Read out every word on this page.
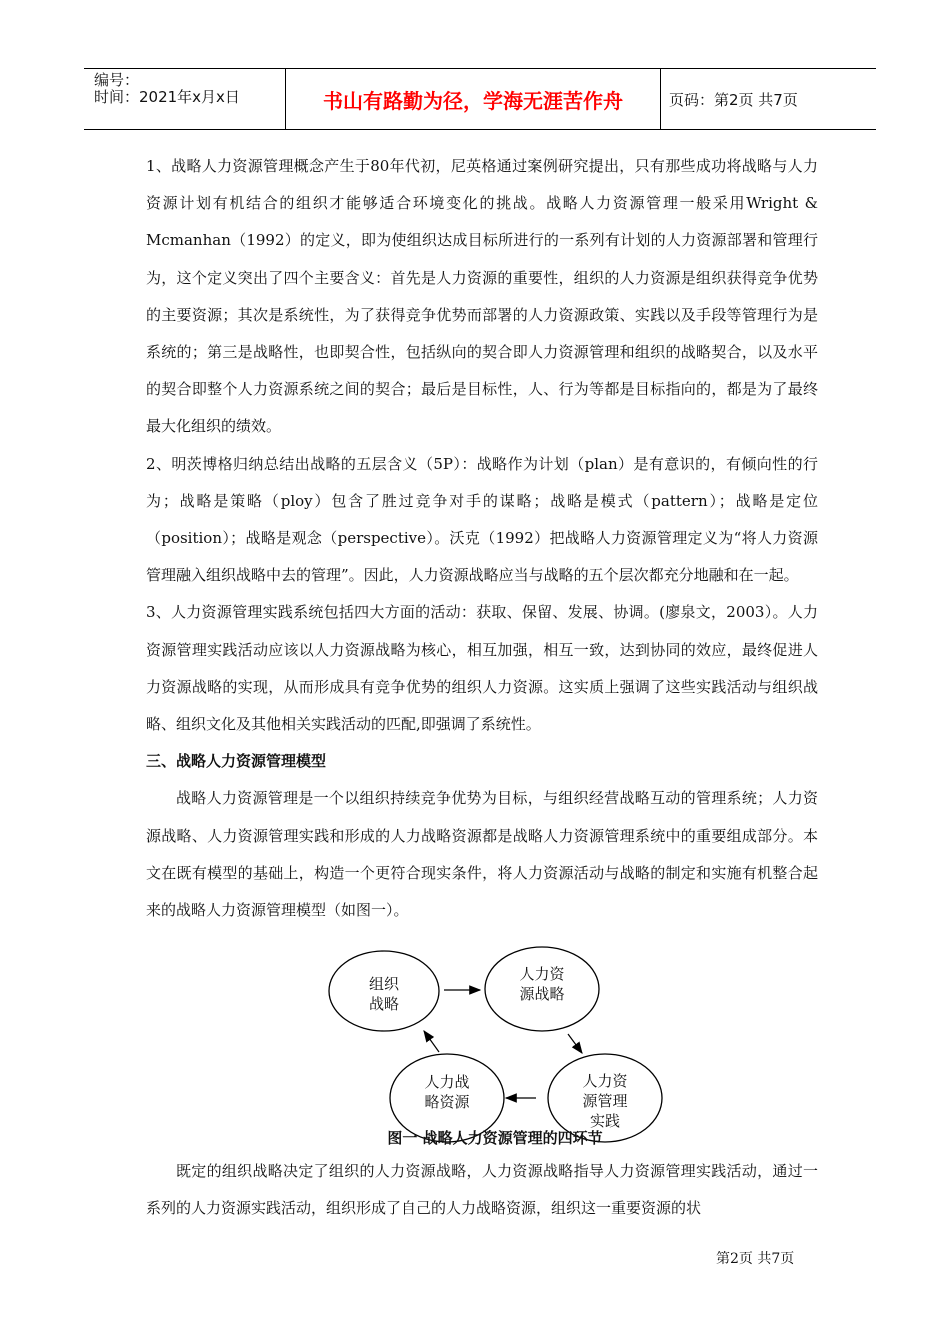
编号：
时间：2021年x月x日	书山有路勤为径，学海无涯苦作舟	页码：第2页 共7页

1、战略人力资源管理概念产生于80年代初，尼英格通过案例研究提出，只有那些成功将战略与人力资源计划有机结合的组织才能够适合环境变化的挑战。战略人力资源管理一般采用Wright & Mcmanhan（1992）的定义，即为使组织达成目标所进行的一系列有计划的人力资源部署和管理行为，这个定义突出了四个主要含义：首先是人力资源的重要性，组织的人力资源是组织获得竞争优势的主要资源；其次是系统性，为了获得竞争优势而部署的人力资源政策、实践以及手段等管理行为是系统的；第三是战略性，也即契合性，包括纵向的契合即人力资源管理和组织的战略契合，以及水平的契合即整个人力资源系统之间的契合；最后是目标性，人、行为等都是目标指向的，都是为了最终最大化组织的绩效。

2、明茨博格归纳总结出战略的五层含义（5P）：战略作为计划（plan）是有意识的，有倾向性的行为；战略是策略（ploy）包含了胜过竞争对手的谋略；战略是模式（pattern）；战略是定位（position）；战略是观念（perspective）。沃克（1992）把战略人力资源管理定义为“将人力资源管理融入组织战略中去的管理”。因此，人力资源战略应当与战略的五个层次都充分地融和在一起。

3、人力资源管理实践系统包括四大方面的活动：获取、保留、发展、协调。(廖泉文，2003）。人力资源管理实践活动应该以人力资源战略为核心，相互加强，相互一致，达到协同的效应，最终促进人力资源战略的实现，从而形成具有竞争优势的组织人力资源。这实质上强调了这些实践活动与组织战略、组织文化及其他相关实践活动的匹配,即强调了系统性。

三、战略人力资源管理模型

战略人力资源管理是一个以组织持续竞争优势为目标，与组织经营战略互动的管理系统；人力资源战略、人力资源管理实践和形成的人力战略资源都是战略人力资源管理系统中的重要组成部分。本文在既有模型的基础上，构造一个更符合现实条件，将人力资源活动与战略的制定和实施有机整合起来的战略人力资源管理模型（如图一）。

组织
战略
人力资
源战略
人力资
源管理
实践
人力战
略资源
图一 战略人力资源管理的四环节

既定的组织战略决定了组织的人力资源战略，人力资源战略指导人力资源管理实践活动，通过一系列的人力资源实践活动，组织形成了自己的人力战略资源，组织这一重要资源的状

第2页 共7页
